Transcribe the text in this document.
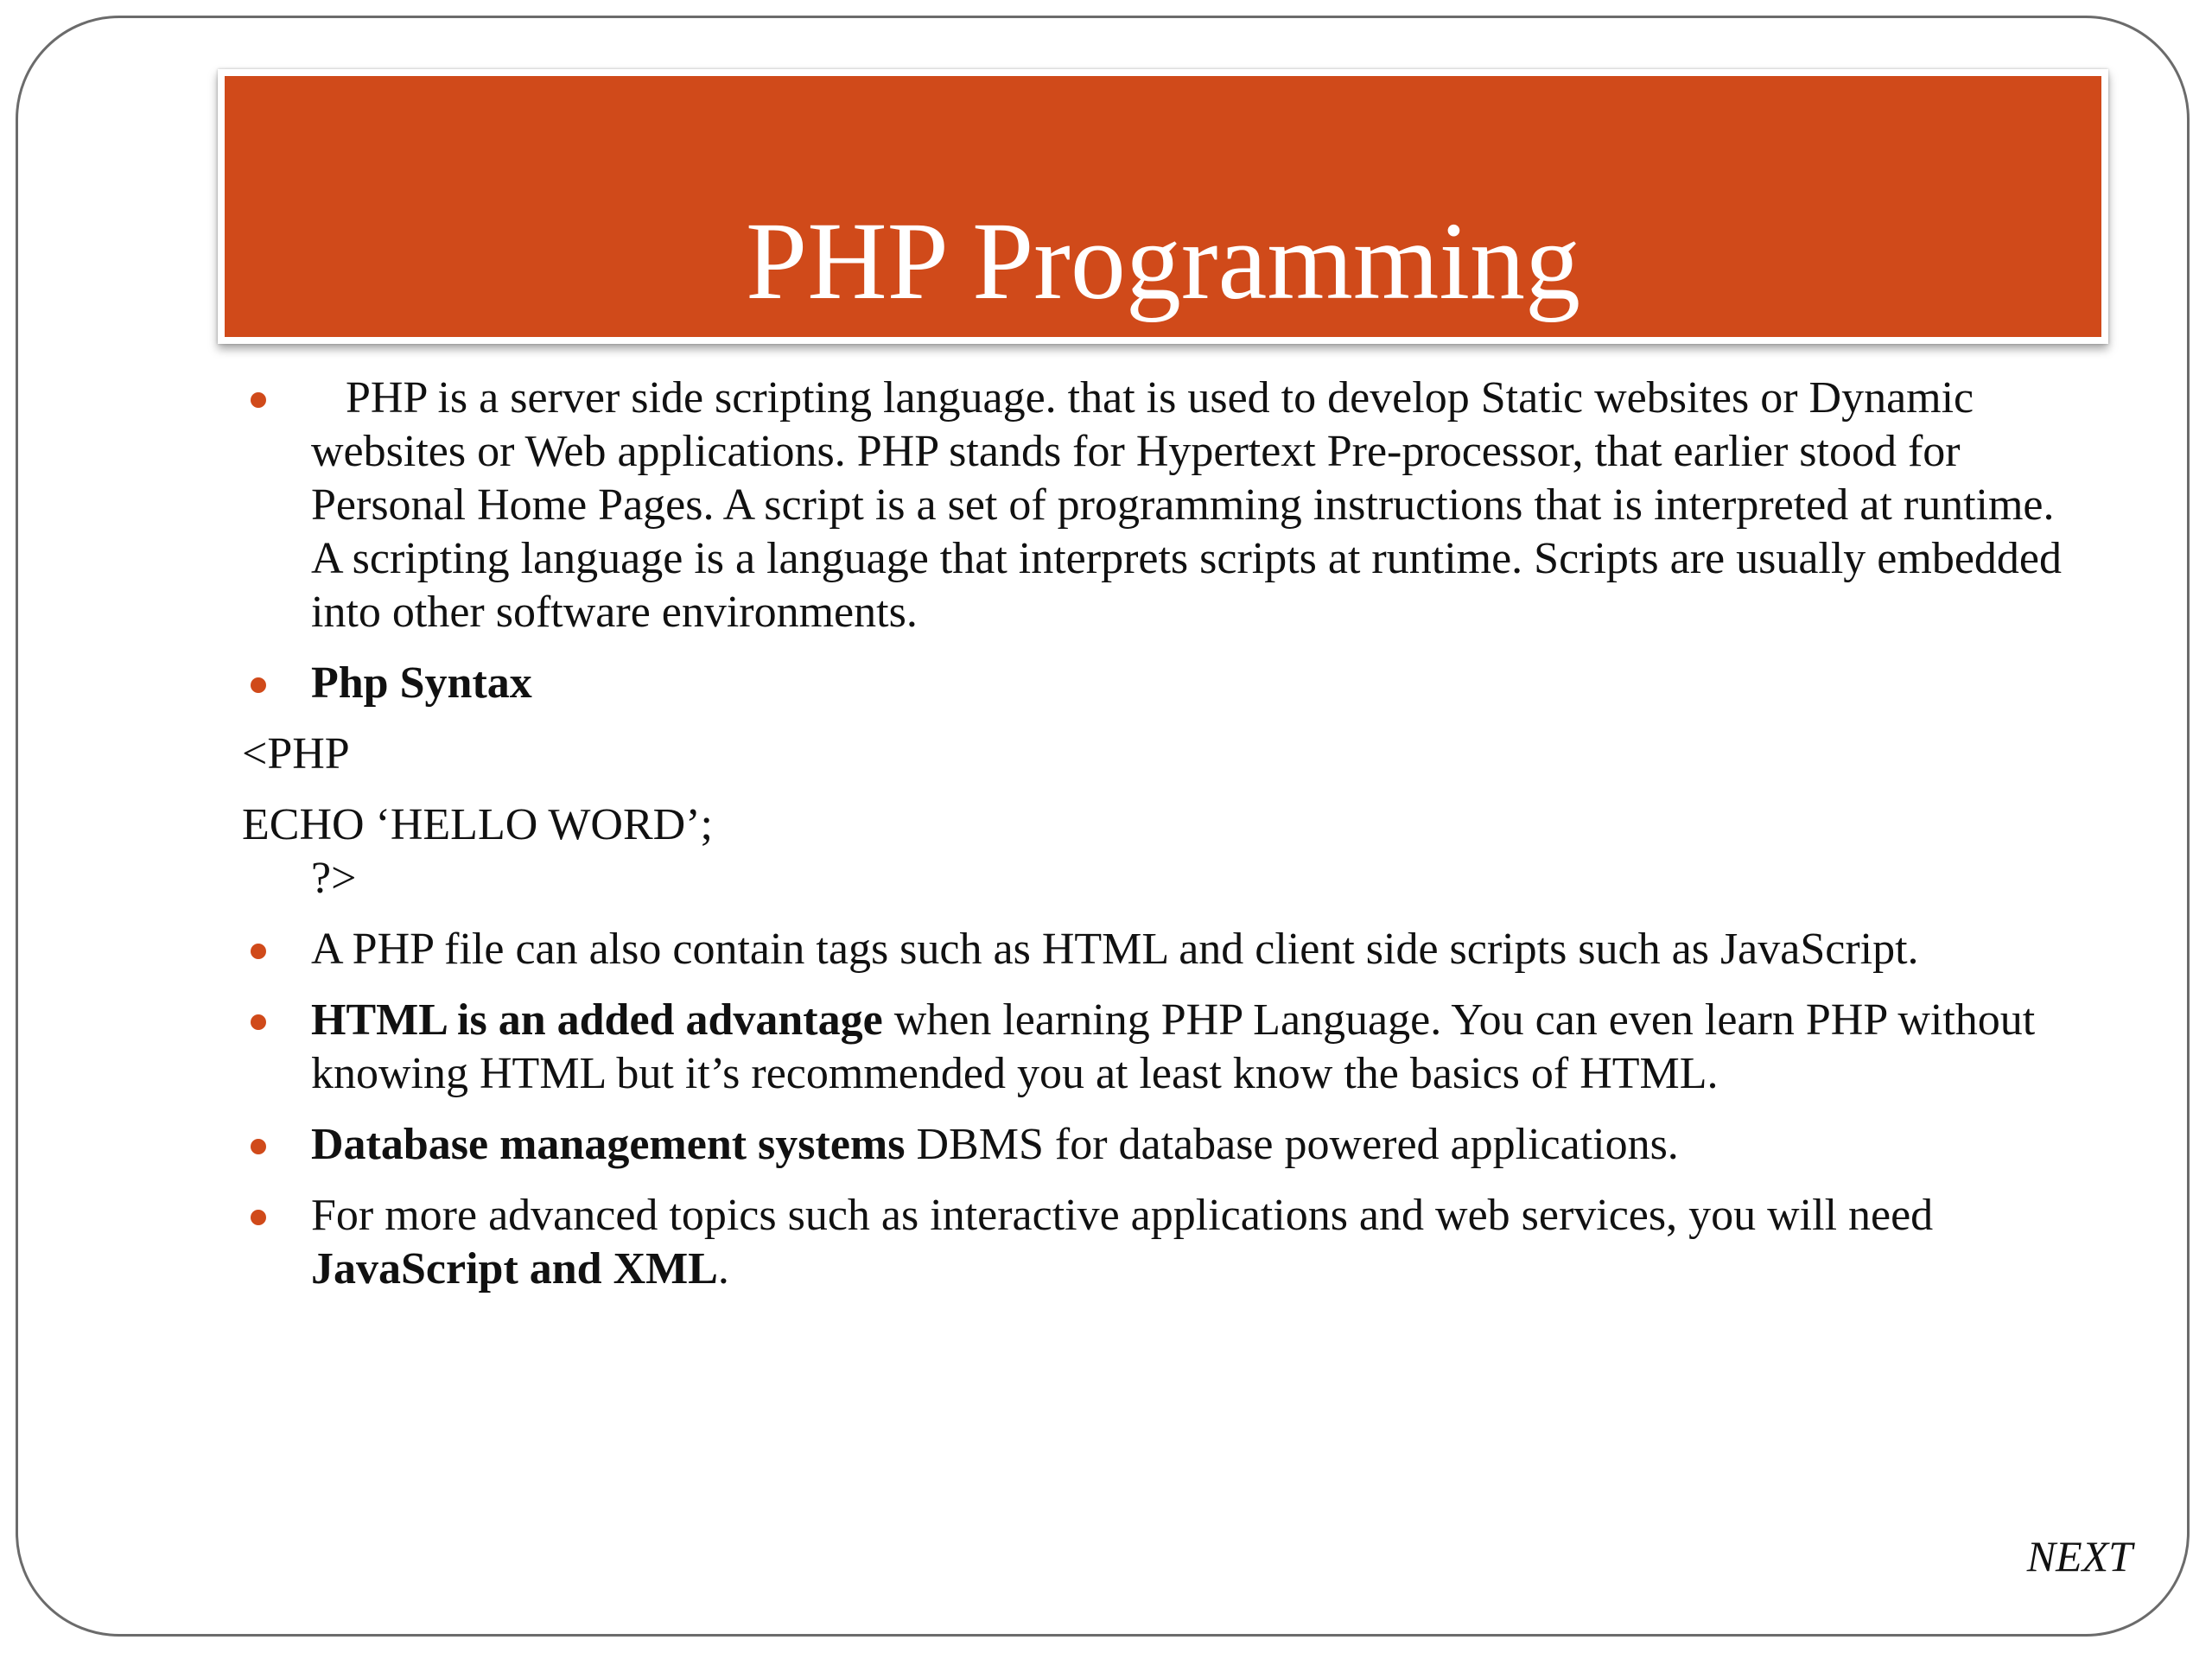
PHP Programming
PHP is a server side scripting language. that is used to develop Static websites or Dynamic websites or Web applications. PHP stands for Hypertext Pre-processor, that earlier stood for Personal Home Pages. A script is a set of programming instructions that is interpreted at runtime. A scripting language is a language that interprets scripts at runtime. Scripts are usually embedded into other software environments.
Php Syntax
<PHP
ECHO ‘HELLO WORD’;
?>
A PHP file can also contain tags such as HTML and client side scripts such as JavaScript.
HTML is an added advantage when learning PHP Language. You can even learn PHP without knowing HTML but it’s recommended you at least know the basics of HTML.
Database management systems DBMS for database powered applications.
For more advanced topics such as interactive applications and web services, you will need JavaScript and XML.
NEXT
